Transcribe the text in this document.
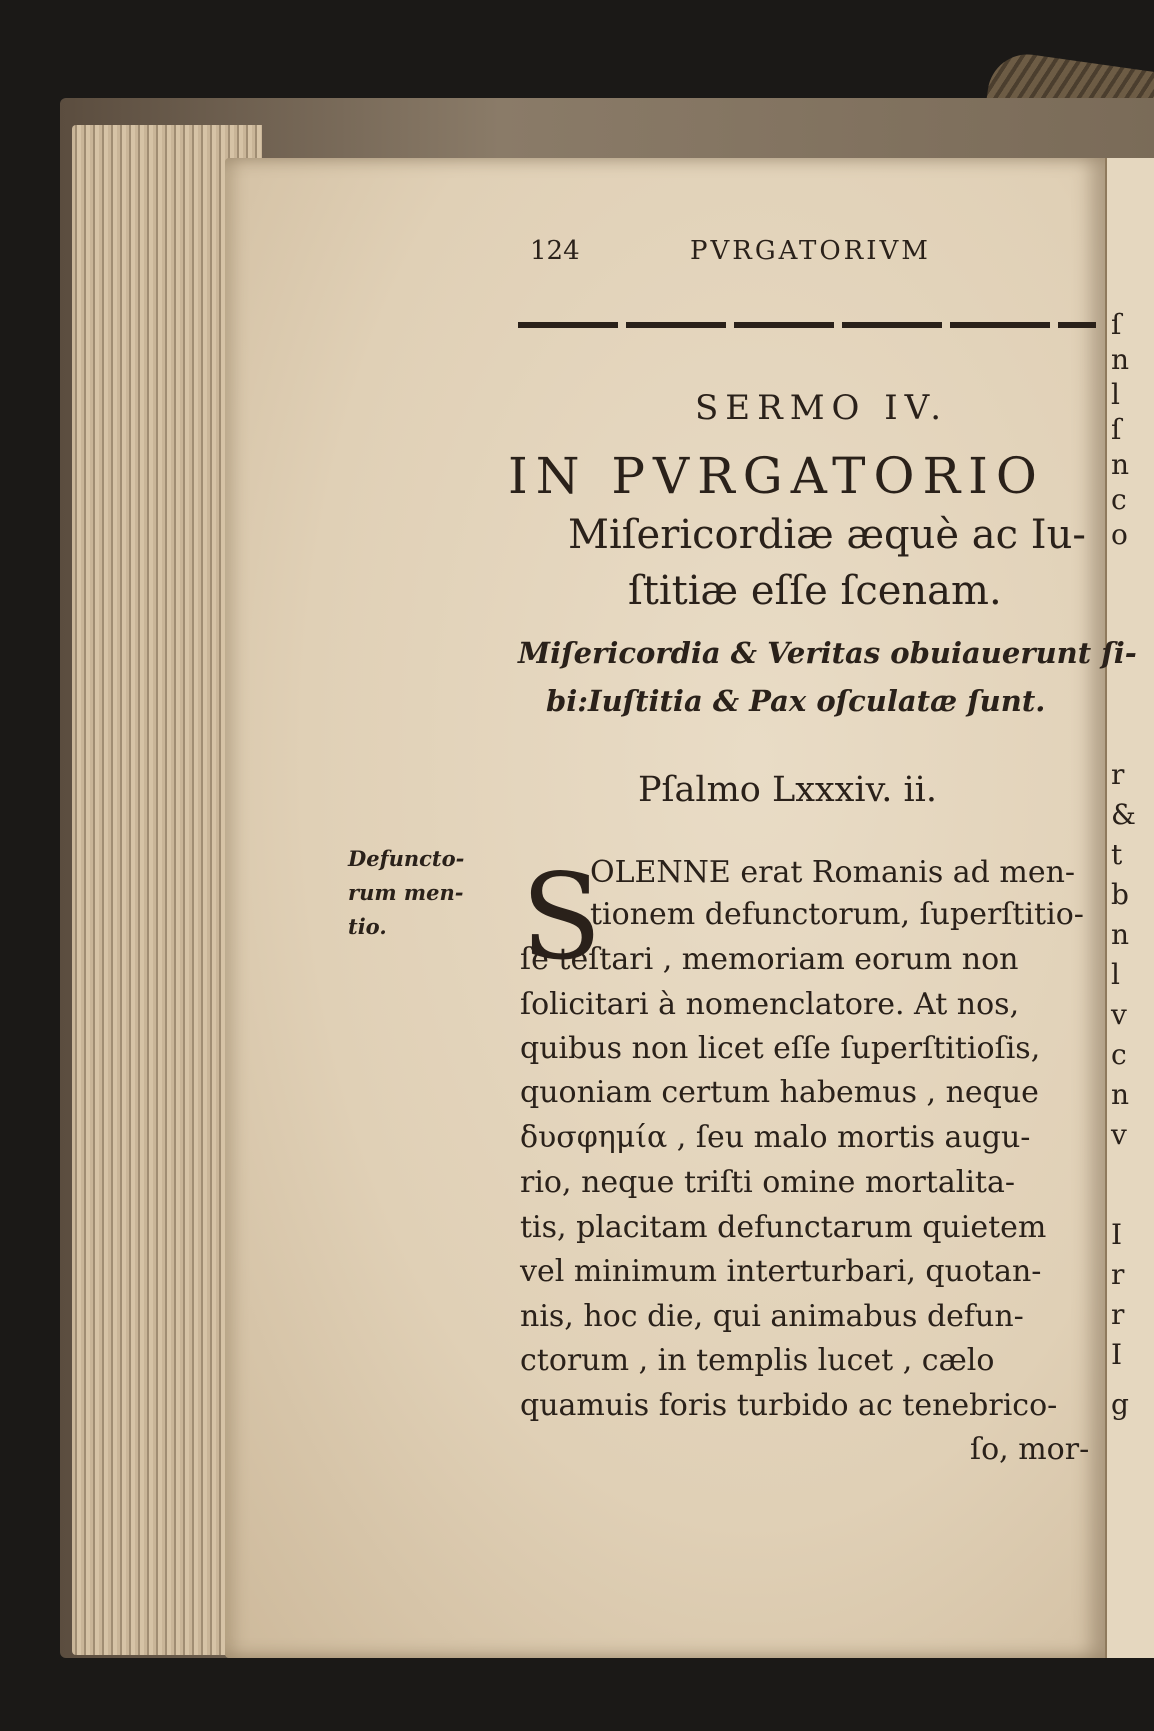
ſ
n
l
ſ
n
c
o
r
&
t
b
n
l
v
c
n
v
I
r
r
I
g

124	PVRGATORIVM

SERMO IV.

IN PVRGATORIO

Miſericordiæ æquè ac Iu-

ſtitiæ eſſe ſcenam.

Miſericordia & Veritas obuiauerunt ſi-

bi:Iuſtitia & Pax oſculatæ ſunt.

Pſalmo Lxxxiv. ii.

Defuncto-

rum men-

tio. S

OLENNE erat Romanis ad men-

tionem defunctorum, ſuperſtitio-

ſè teſtari , memoriam eorum non

ſolicitari à nomenclatore. At nos,

quibus non licet eſſe ſuperſtitioſis,

quoniam certum habemus , neque

δυσφημία , ſeu malo mortis augu-

rio, neque triſti omine mortalita-

tis, placitam defunctarum quietem

vel minimum interturbari, quotan-

nis, hoc die, qui animabus defun-

ctorum , in templis lucet , cælo

quamuis foris turbido ac tenebrico-

ſo, mor-
